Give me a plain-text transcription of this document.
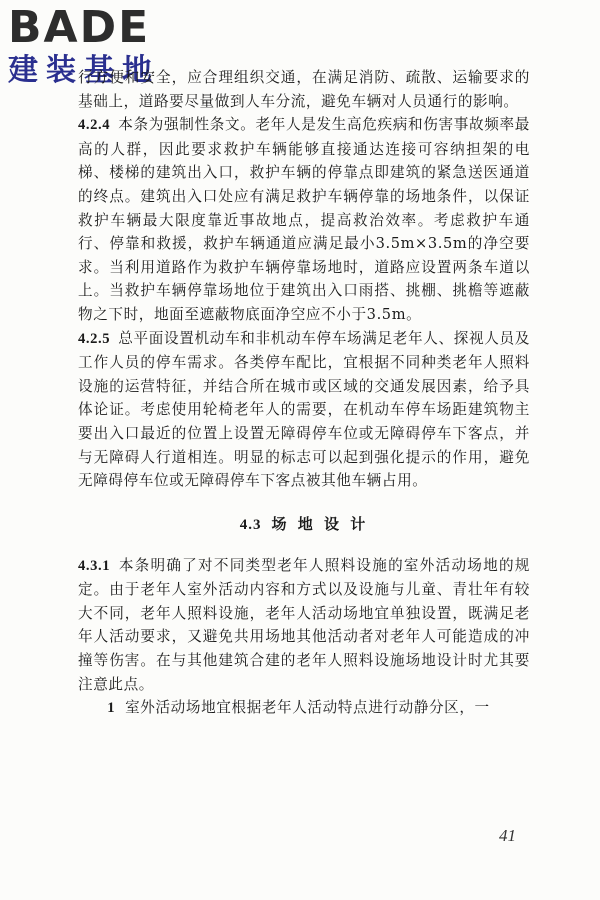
BADE
建装基地

行方便和安全，应合理组织交通，在满足消防、疏散、运输要求的基础上，道路要尽量做到人车分流，避免车辆对人员通行的影响。

4.2.4 本条为强制性条文。老年人是发生高危疾病和伤害事故频率最高的人群，因此要求救护车辆能够直接通达连接可容纳担架的电梯、楼梯的建筑出入口，救护车辆的停靠点即建筑的紧急送医通道的终点。建筑出入口处应有满足救护车辆停靠的场地条件，以保证救护车辆最大限度靠近事故地点，提高救治效率。考虑救护车通行、停靠和救援，救护车辆通道应满足最小3.5m×3.5m的净空要求。当利用道路作为救护车辆停靠场地时，道路应设置两条车道以上。当救护车辆停靠场地位于建筑出入口雨搭、挑棚、挑檐等遮蔽物之下时，地面至遮蔽物底面净空应不小于3.5m。

4.2.5 总平面设置机动车和非机动车停车场满足老年人、探视人员及工作人员的停车需求。各类停车配比，宜根据不同种类老年人照料设施的运营特征，并结合所在城市或区域的交通发展因素，给予具体论证。考虑使用轮椅老年人的需要，在机动车停车场距建筑物主要出入口最近的位置上设置无障碍停车位或无障碍停车下客点，并与无障碍人行道相连。明显的标志可以起到强化提示的作用，避免无障碍停车位或无障碍停车下客点被其他车辆占用。

4.3 场 地 设 计

4.3.1 本条明确了对不同类型老年人照料设施的室外活动场地的规定。由于老年人室外活动内容和方式以及设施与儿童、青壮年有较大不同，老年人照料设施，老年人活动场地宜单独设置，既满足老年人活动要求，又避免共用场地其他活动者对老年人可能造成的冲撞等伤害。在与其他建筑合建的老年人照料设施场地设计时尤其要注意此点。

1 室外活动场地宜根据老年人活动特点进行动静分区，一

41
